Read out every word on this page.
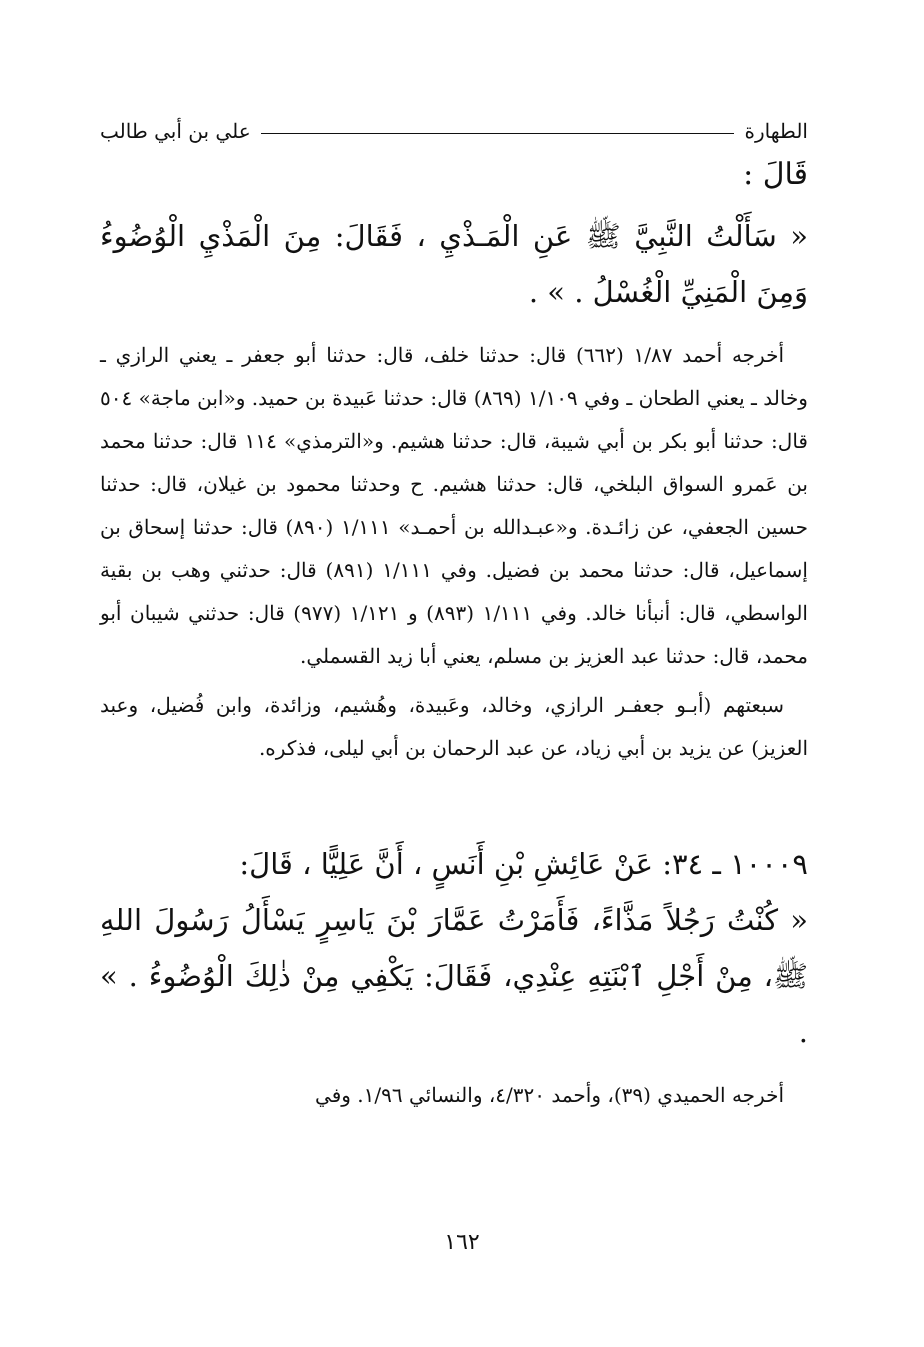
الطهارة
علي بن أبي طالب

قَالَ :

« سَأَلْتُ النَّبِيَّ ﷺ عَنِ الْمَـذْيِ ، فَقَالَ: مِنَ الْمَذْيِ الْوُضُوءُ وَمِنَ الْمَنِيِّ الْغُسْلُ . » .

أخرجه أحمد ١/٨٧ (٦٦٢) قال: حدثنا خلف، قال: حدثنا أبو جعفر ـ يعني الرازي ـ وخالد ـ يعني الطحان ـ وفي ١/١٠٩ (٨٦٩) قال: حدثنا عَبيدة بن حميد. و«ابن ماجة» ٥٠٤ قال: حدثنا أبو بكر بن أبي شيبة، قال: حدثنا هشيم. و«الترمذي» ١١٤ قال: حدثنا محمد بن عَمرو السواق البلخي، قال: حدثنا هشيم. ح وحدثنا محمود بن غيلان، قال: حدثنا حسين الجعفي، عن زائـدة. و«عبـدالله بن أحمـد» ١/١١١ (٨٩٠) قال: حدثنا إسحاق بن إسماعيل، قال: حدثنا محمد بن فضيل. وفي ١/١١١ (٨٩١) قال: حدثني وهب بن بقية الواسطي، قال: أنبأنا خالد. وفي ١/١١١ (٨٩٣) و ١/١٢١ (٩٧٧) قال: حدثني شيبان أبو محمد، قال: حدثنا عبد العزيز بن مسلم، يعني أبا زيد القسملي.

سبعتهم (أبـو جعفـر الرازي، وخالد، وعَبيدة، وهُشيم، وزائدة، وابن فُضيل، وعبد العزيز) عن يزيد بن أبي زياد، عن عبد الرحمان بن أبي ليلى، فذكره.

١٠٠٠٩ ـ ٣٤: عَنْ عَائِشِ بْنِ أَنَسٍ ، أَنَّ عَلِيًّا ، قَالَ:

« كُنْتُ رَجُلاً مَذَّاءً، فَأَمَرْتُ عَمَّارَ بْنَ يَاسِرٍ يَسْأَلُ رَسُولَ اللهِ ﷺ، مِنْ أَجْلِ ٱبْنَتِهِ عِنْدِي، فَقَالَ: يَكْفِي مِنْ ذٰلِكَ الْوُضُوءُ . » .

أخرجه الحميدي (٣٩)، وأحمد ٤/٣٢٠، والنسائي ١/٩٦. وفي

١٦٢
